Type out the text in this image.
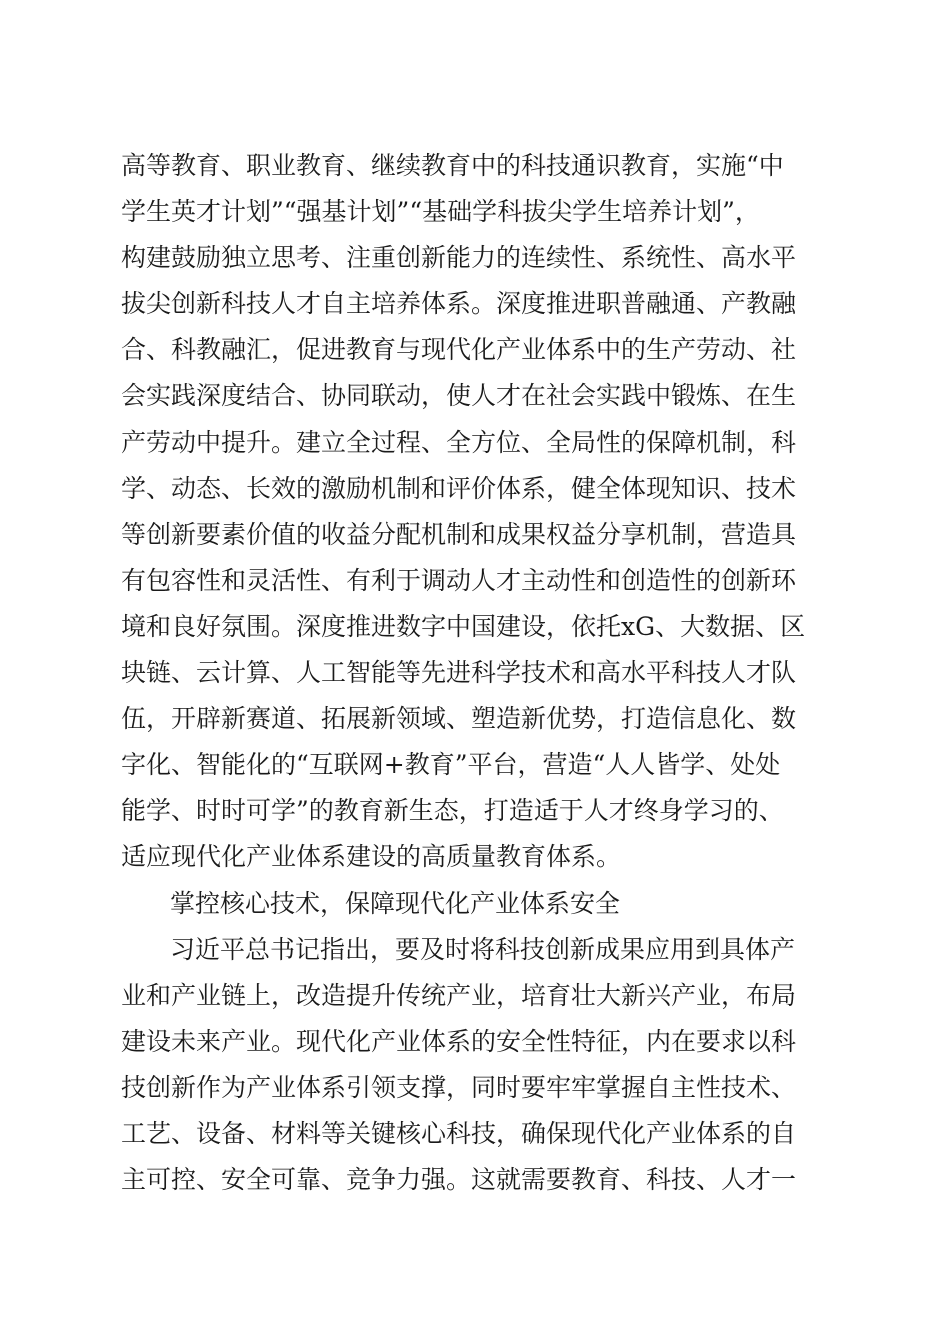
高等教育、职业教育、继续教育中的科技通识教育，实施“中
学生英才计划”“强基计划”“基础学科拔尖学生培养计划”，
构建鼓励独立思考、注重创新能力的连续性、系统性、高水平
拔尖创新科技人才自主培养体系。深度推进职普融通、产教融
合、科教融汇，促进教育与现代化产业体系中的生产劳动、社
会实践深度结合、协同联动，使人才在社会实践中锻炼、在生
产劳动中提升。建立全过程、全方位、全局性的保障机制，科
学、动态、长效的激励机制和评价体系，健全体现知识、技术
等创新要素价值的收益分配机制和成果权益分享机制，营造具
有包容性和灵活性、有利于调动人才主动性和创造性的创新环
境和良好氛围。深度推进数字中国建设，依托xG、大数据、区
块链、云计算、人工智能等先进科学技术和高水平科技人才队
伍，开辟新赛道、拓展新领域、塑造新优势，打造信息化、数
字化、智能化的“互联网+教育”平台，营造“人人皆学、处处
能学、时时可学”的教育新生态，打造适于人才终身学习的、
适应现代化产业体系建设的高质量教育体系。
掌控核心技术，保障现代化产业体系安全
习近平总书记指出，要及时将科技创新成果应用到具体产
业和产业链上，改造提升传统产业，培育壮大新兴产业，布局
建设未来产业。现代化产业体系的安全性特征，内在要求以科
技创新作为产业体系引领支撑，同时要牢牢掌握自主性技术、
工艺、设备、材料等关键核心科技，确保现代化产业体系的自
主可控、安全可靠、竞争力强。这就需要教育、科技、人才一
